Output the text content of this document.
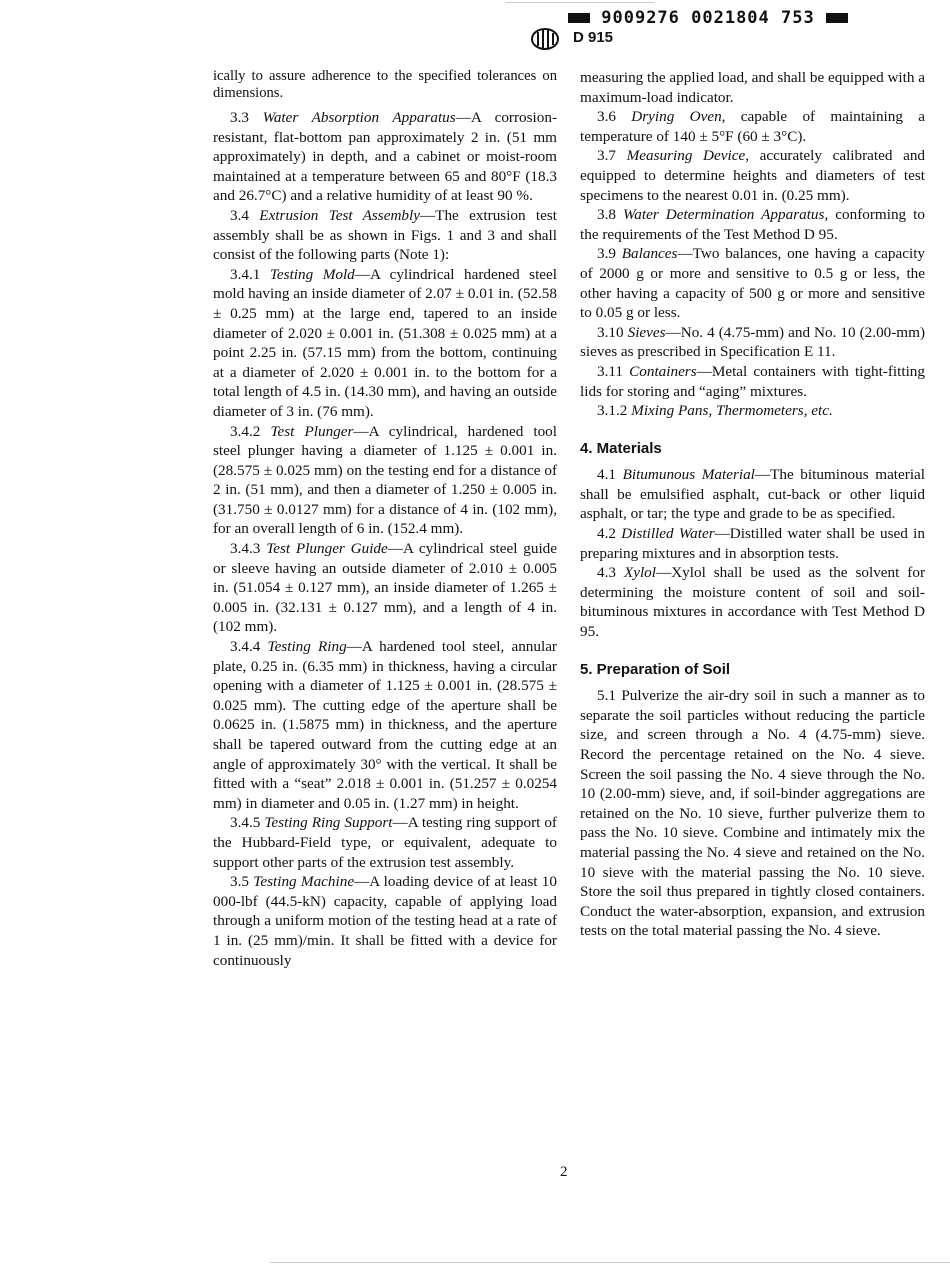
9009276 0021804 753
D 915

ically to assure adherence to the specified tolerances on dimensions.

3.3 Water Absorption Apparatus—A corrosion-resistant, flat-bottom pan approximately 2 in. (51 mm approximately) in depth, and a cabinet or moist-room maintained at a temperature between 65 and 80°F (18.3 and 26.7°C) and a relative humidity of at least 90 %.

3.4 Extrusion Test Assembly—The extrusion test assembly shall be as shown in Figs. 1 and 3 and shall consist of the following parts (Note 1):

3.4.1 Testing Mold—A cylindrical hardened steel mold having an inside diameter of 2.07 ± 0.01 in. (52.58 ± 0.25 mm) at the large end, tapered to an inside diameter of 2.020 ± 0.001 in. (51.308 ± 0.025 mm) at a point 2.25 in. (57.15 mm) from the bottom, continuing at a diameter of 2.020 ± 0.001 in. to the bottom for a total length of 4.5 in. (14.30 mm), and having an outside diameter of 3 in. (76 mm).

3.4.2 Test Plunger—A cylindrical, hardened tool steel plunger having a diameter of 1.125 ± 0.001 in. (28.575 ± 0.025 mm) on the testing end for a distance of 2 in. (51 mm), and then a diameter of 1.250 ± 0.005 in. (31.750 ± 0.0127 mm) for a distance of 4 in. (102 mm), for an overall length of 6 in. (152.4 mm).

3.4.3 Test Plunger Guide—A cylindrical steel guide or sleeve having an outside diameter of 2.010 ± 0.005 in. (51.054 ± 0.127 mm), an inside diameter of 1.265 ± 0.005 in. (32.131 ± 0.127 mm), and a length of 4 in. (102 mm).

3.4.4 Testing Ring—A hardened tool steel, annular plate, 0.25 in. (6.35 mm) in thickness, having a circular opening with a diameter of 1.125 ± 0.001 in. (28.575 ± 0.025 mm). The cutting edge of the aperture shall be 0.0625 in. (1.5875 mm) in thickness, and the aperture shall be tapered outward from the cutting edge at an angle of approximately 30° with the vertical. It shall be fitted with a “seat” 2.018 ± 0.001 in. (51.257 ± 0.0254 mm) in diameter and 0.05 in. (1.27 mm) in height.

3.4.5 Testing Ring Support—A testing ring support of the Hubbard-Field type, or equivalent, adequate to support other parts of the extrusion test assembly.

3.5 Testing Machine—A loading device of at least 10 000-lbf (44.5-kN) capacity, capable of applying load through a uniform motion of the testing head at a rate of 1 in. (25 mm)/min. It shall be fitted with a device for continuously

measuring the applied load, and shall be equipped with a maximum-load indicator.

3.6 Drying Oven, capable of maintaining a temperature of 140 ± 5°F (60 ± 3°C).

3.7 Measuring Device, accurately calibrated and equipped to determine heights and diameters of test specimens to the nearest 0.01 in. (0.25 mm).

3.8 Water Determination Apparatus, conforming to the requirements of the Test Method D 95.

3.9 Balances—Two balances, one having a capacity of 2000 g or more and sensitive to 0.5 g or less, the other having a capacity of 500 g or more and sensitive to 0.05 g or less.

3.10 Sieves—No. 4 (4.75-mm) and No. 10 (2.00-mm) sieves as prescribed in Specification E 11.

3.11 Containers—Metal containers with tight-fitting lids for storing and “aging” mixtures.

3.1.2 Mixing Pans, Thermometers, etc.

4. Materials

4.1 Bitumunous Material—The bituminous material shall be emulsified asphalt, cut-back or other liquid asphalt, or tar; the type and grade to be as specified.

4.2 Distilled Water—Distilled water shall be used in preparing mixtures and in absorption tests.

4.3 Xylol—Xylol shall be used as the solvent for determining the moisture content of soil and soil-bituminous mixtures in accordance with Test Method D 95.

5. Preparation of Soil

5.1 Pulverize the air-dry soil in such a manner as to separate the soil particles without reducing the particle size, and screen through a No. 4 (4.75-mm) sieve. Record the percentage retained on the No. 4 sieve. Screen the soil passing the No. 4 sieve through the No. 10 (2.00-mm) sieve, and, if soil-binder aggregations are retained on the No. 10 sieve, further pulverize them to pass the No. 10 sieve. Combine and intimately mix the material passing the No. 4 sieve and retained on the No. 10 sieve with the material passing the No. 10 sieve. Store the soil thus prepared in tightly closed containers. Conduct the water-absorption, expansion, and extrusion tests on the total material passing the No. 4 sieve.

2
